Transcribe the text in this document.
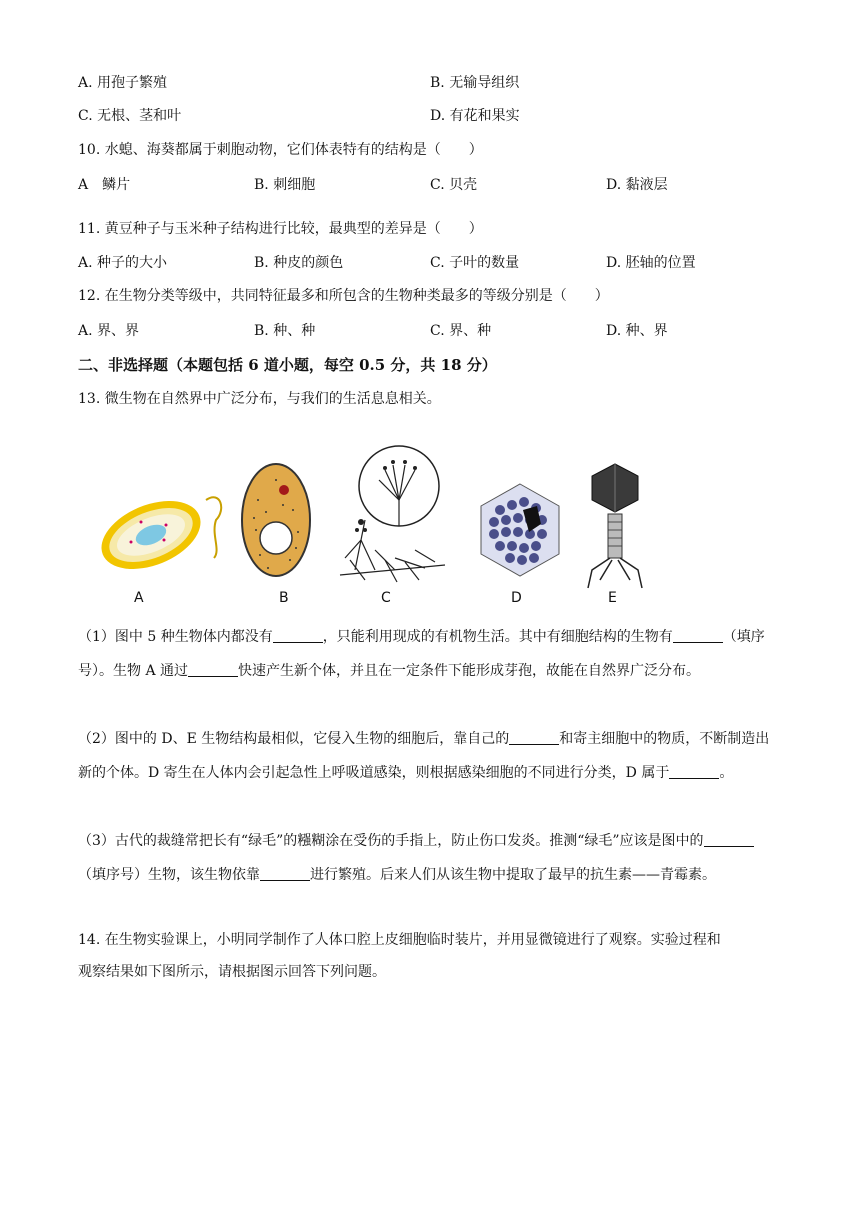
A. 用孢子繁殖	B. 无输导组织
C. 无根、茎和叶	D. 有花和果实
10. 水螅、海葵都属于刺胞动物，它们体表特有的结构是（　　）
A　鳞片	B. 刺细胞	C. 贝壳	D. 黏液层
11. 黄豆种子与玉米种子结构进行比较，最典型的差异是（　　）
A. 种子的大小	B. 种皮的颜色	C. 子叶的数量	D. 胚轴的位置
12. 在生物分类等级中，共同特征最多和所包含的生物种类最多的等级分别是（　　）
A. 界、界	B. 种、种	C. 界、种	D. 种、界
二、非选择题（本题包括 6 道小题，每空 0.5 分，共 18 分）
13. 微生物在自然界中广泛分布，与我们的生活息息相关。
A	B	C	D	E
（1）图中 5 种生物体内都没有	，只能利用现成的有机物生活。其中有细胞结构的生物有	（填序号）。生物 A 通过	快速产生新个体，并且在一定条件下能形成芽孢，故能在自然界广泛分布。
（2）图中的 D、E 生物结构最相似，它侵入生物的细胞后，靠自己的	和寄主细胞中的物质，不断制造出新的个体。D 寄生在人体内会引起急性上呼吸道感染，则根据感染细胞的不同进行分类，D 属于	。
（3）古代的裁缝常把长有“绿毛”的糨糊涂在受伤的手指上，防止伤口发炎。推测“绿毛”应该是图中的（填序号）生物，该生物依靠	进行繁殖。后来人们从该生物中提取了最早的抗生素——青霉素。
14. 在生物实验课上，小明同学制作了人体口腔上皮细胞临时装片，并用显微镜进行了观察。实验过程和
观察结果如下图所示，请根据图示回答下列问题。
